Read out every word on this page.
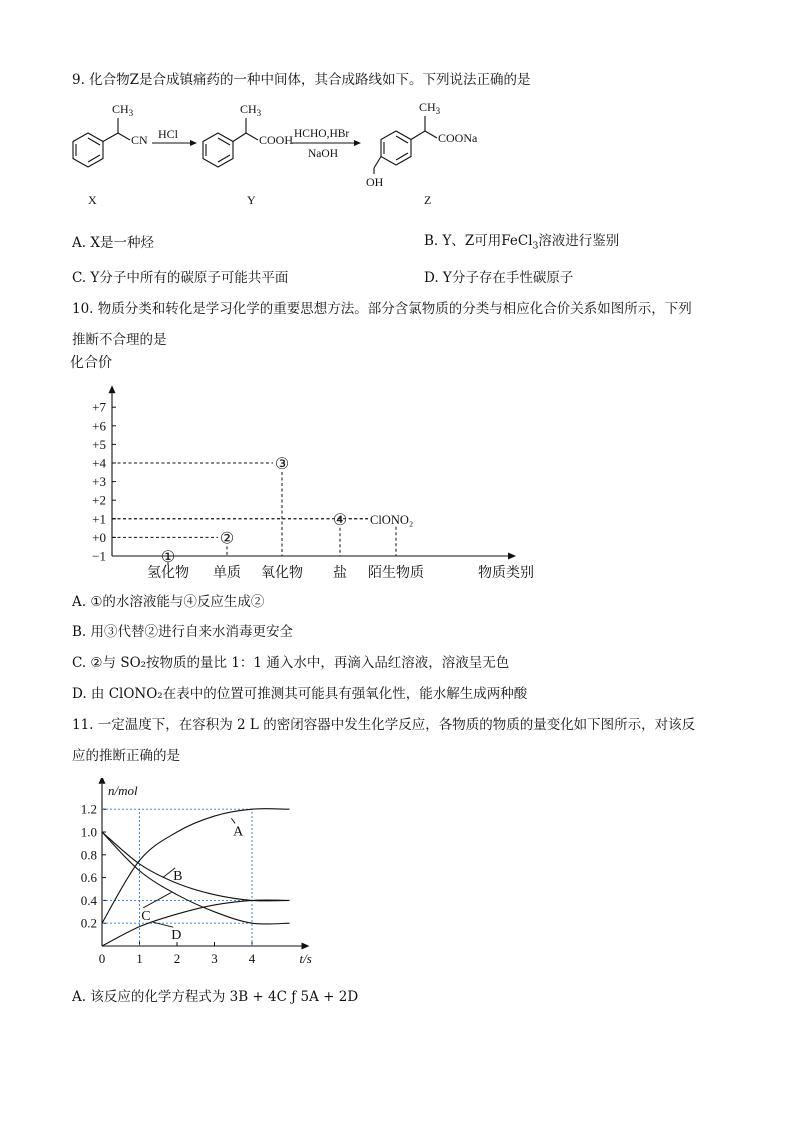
9. 化合物Z是合成镇痛药的一种中间体，其合成路线如下。下列说法正确的是
$CH_3$
CN HCl
$CH_3$
COOH HCHO,HBr
NaOH
$CH_3$
COONa
OH
X	Y	Z
A. X是一种烃	B. Y、Z可用FeCl$_3$溶液进行鉴别
C. Y分子中所有的碳原子可能共平面	D. Y分子存在手性碳原子
10. 物质分类和转化是学习化学的重要思想方法。部分含氯物质的分类与相应化合价关系如图所示，下列
推断不合理的是
化合价
+7
+6
+5
+4
+3
+2
+1
+0
−1
氢化物 单质 氧化物 盐 陌生物质	物质类别
①
②
③
④ ClONO₂
A. ①的水溶液能与④反应生成②
B. 用③代替②进行自来水消毒更安全
C. ②与 SO₂按物质的量比 1：1 通入水中，再滴入品红溶液，溶液呈无色
D. 由 ClONO₂在表中的位置可推测其可能具有强氧化性，能水解生成两种酸
11. 一定温度下，在容积为 2 L 的密闭容器中发生化学反应，各物质的物质的量变化如下图所示，对该反
应的推断正确的是
n/mol
t/s
0.2
0.4
0.6
0.8
1.0
1.2
0 1 2 3 4
A
B
C
D
A. 该反应的化学方程式为 3B + 4C ƒ 5A + 2D
